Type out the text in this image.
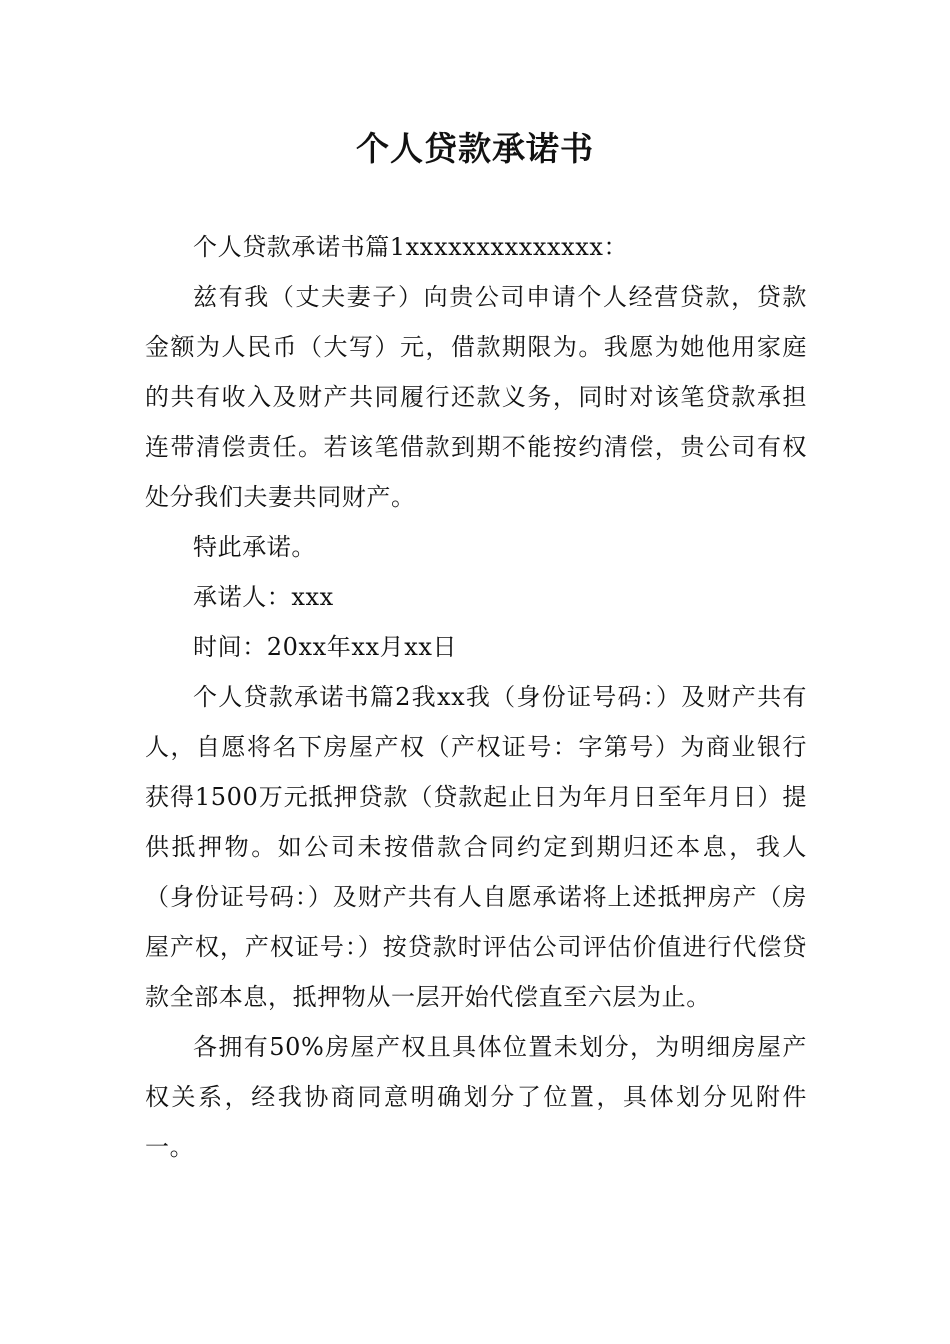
个人贷款承诺书

个人贷款承诺书篇1xxxxxxxxxxxxxx：

兹有我（丈夫妻子）向贵公司申请个人经营贷款，贷款金额为人民币（大写）元，借款期限为。我愿为她他用家庭的共有收入及财产共同履行还款义务，同时对该笔贷款承担连带清偿责任。若该笔借款到期不能按约清偿，贵公司有权处分我们夫妻共同财产。

特此承诺。

承诺人：xxx

时间：20xx年xx月xx日

个人贷款承诺书篇2我xx我（身份证号码：）及财产共有人，自愿将名下房屋产权（产权证号：字第号）为商业银行获得1500万元抵押贷款（贷款起止日为年月日至年月日）提供抵押物。如公司未按借款合同约定到期归还本息，我人（身份证号码：）及财产共有人自愿承诺将上述抵押房产（房屋产权，产权证号：）按贷款时评估公司评估价值进行代偿贷款全部本息，抵押物从一层开始代偿直至六层为止。

各拥有50%房屋产权且具体位置未划分，为明细房屋产权关系，经我协商同意明确划分了位置，具体划分见附件一。
